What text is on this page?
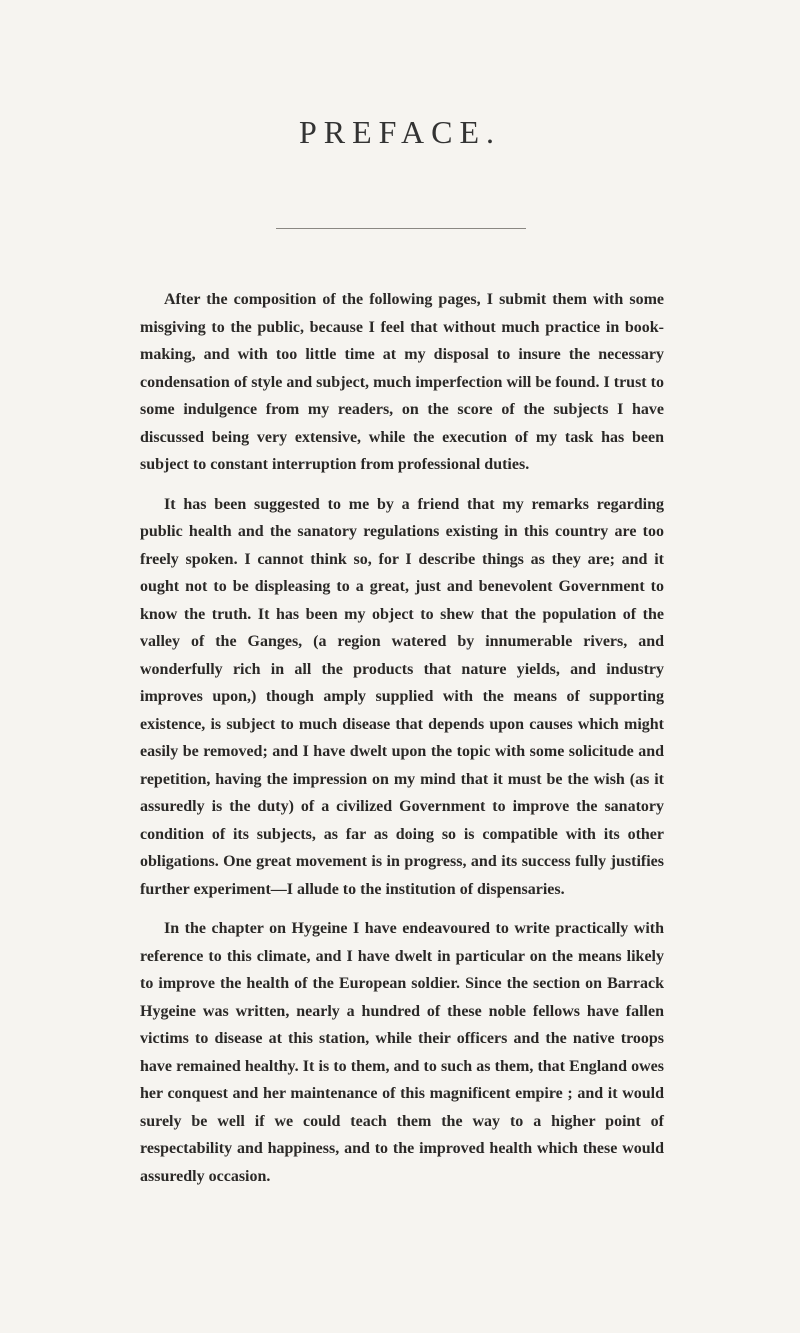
PREFACE.

After the composition of the following pages, I submit them with some misgiving to the public, because I feel that without much practice in book-making, and with too little time at my disposal to insure the necessary condensation of style and subject, much imperfection will be found. I trust to some indulgence from my readers, on the score of the subjects I have discussed being very extensive, while the execution of my task has been subject to constant interruption from professional duties.

It has been suggested to me by a friend that my remarks regarding public health and the sanatory regulations existing in this country are too freely spoken. I cannot think so, for I describe things as they are; and it ought not to be displeasing to a great, just and benevolent Government to know the truth. It has been my object to shew that the population of the valley of the Ganges, (a region watered by innumerable rivers, and wonderfully rich in all the products that nature yields, and industry improves upon,) though amply supplied with the means of supporting existence, is subject to much disease that depends upon causes which might easily be removed; and I have dwelt upon the topic with some solicitude and repetition, having the impression on my mind that it must be the wish (as it assuredly is the duty) of a civilized Government to improve the sanatory condition of its subjects, as far as doing so is compatible with its other obligations. One great movement is in progress, and its success fully justifies further experiment—I allude to the institution of dispensaries.

In the chapter on Hygeine I have endeavoured to write practically with reference to this climate, and I have dwelt in particular on the means likely to improve the health of the European soldier. Since the section on Barrack Hygeine was written, nearly a hundred of these noble fellows have fallen victims to disease at this station, while their officers and the native troops have remained healthy. It is to them, and to such as them, that England owes her conquest and her maintenance of this magnificent empire ; and it would surely be well if we could teach them the way to a higher point of respectability and happiness, and to the improved health which these would assuredly occasion.
